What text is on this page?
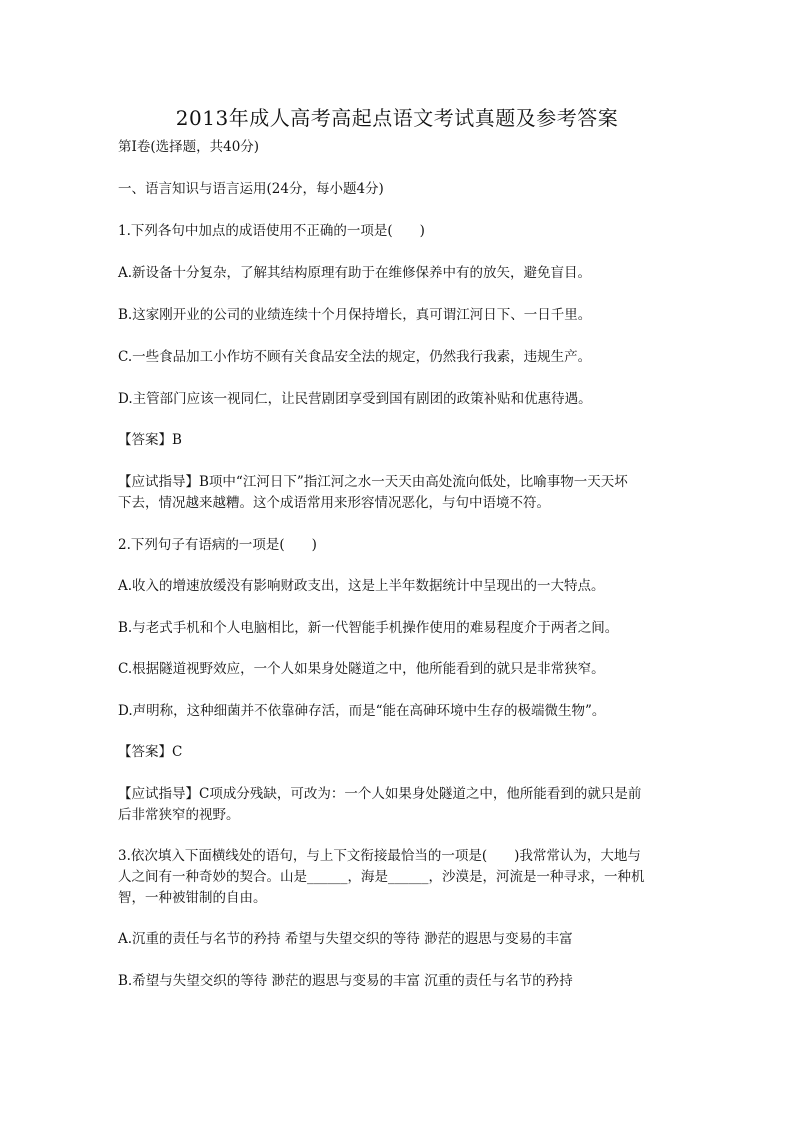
2013年成人高考高起点语文考试真题及参考答案
第Ⅰ卷(选择题，共40分)
一、语言知识与语言运用(24分，每小题4分)
1.下列各句中加点的成语使用不正确的一项是(　　)
A.新设备十分复杂，了解其结构原理有助于在维修保养中有的放矢，避免盲目。
B.这家刚开业的公司的业绩连续十个月保持增长，真可谓江河日下、一日千里。
C.一些食品加工小作坊不顾有关食品安全法的规定，仍然我行我素，违规生产。
D.主管部门应该一视同仁，让民营剧团享受到国有剧团的政策补贴和优惠待遇。
【答案】B
【应试指导】B项中“江河日下”指江河之水一天天由高处流向低处，比喻事物一天天坏
下去，情况越来越糟。这个成语常用来形容情况恶化，与句中语境不符。
2.下列句子有语病的一项是(　　)
A.收入的增速放缓没有影响财政支出，这是上半年数据统计中呈现出的一大特点。
B.与老式手机和个人电脑相比，新一代智能手机操作使用的难易程度介于两者之间。
C.根据隧道视野效应，一个人如果身处隧道之中，他所能看到的就只是非常狭窄。
D.声明称，这种细菌并不依靠砷存活，而是“能在高砷环境中生存的极端微生物”。
【答案】C
【应试指导】C项成分残缺，可改为：一个人如果身处隧道之中，他所能看到的就只是前
后非常狭窄的视野。
3.依次填入下面横线处的语句，与上下文衔接最恰当的一项是(　　)我常常认为，大地与
人之间有一种奇妙的契合。山是______，海是______，沙漠是，河流是一种寻求，一种机
智，一种被钳制的自由。
A.沉重的责任与名节的矜持 希望与失望交织的等待 渺茫的遐思与变易的丰富
B.希望与失望交织的等待 渺茫的遐思与变易的丰富 沉重的责任与名节的矜持
